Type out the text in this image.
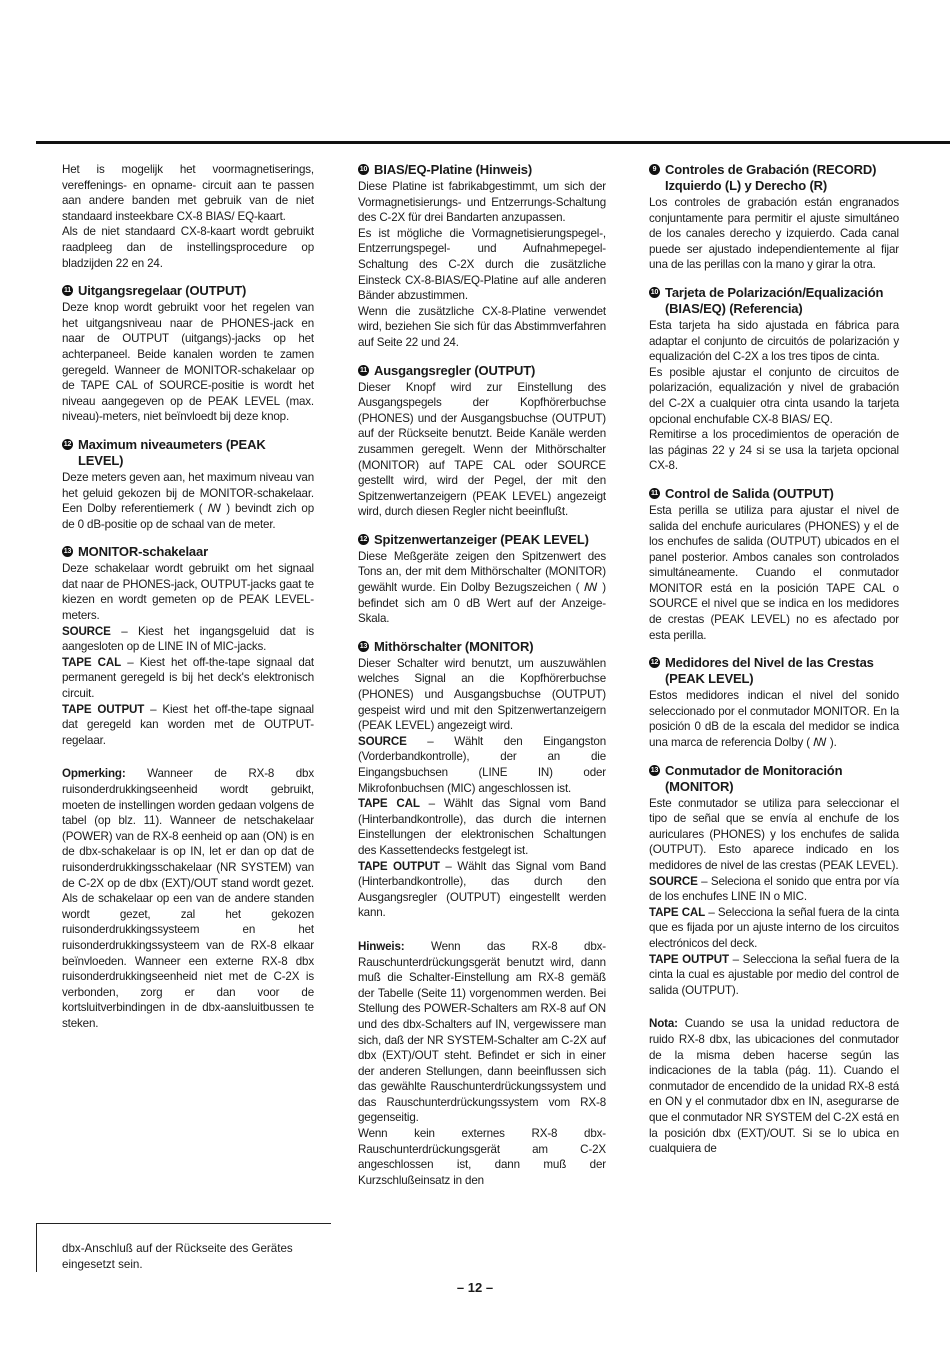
Het is mogelijk het voormagnetiserings, vereffenings- en opname- circuit aan te passen aan andere banden met gebruik van de niet standaard insteekbare CX-8 BIAS/ EQ-kaart.

Als de niet standaard CX-8-kaart wordt gebruikt raadpleeg dan de instellingsprocedure op bladzijden 22 en 24.

11 Uitgangsregelaar (OUTPUT)

Deze knop wordt gebruikt voor het regelen van het uitgangsniveau naar de PHONES-jack en naar de OUTPUT (uitgangs)-jacks op het achterpaneel. Beide kanalen worden te zamen geregeld. Wanneer de MONITOR-schakelaar op de TAPE CAL of SOURCE-positie is wordt het niveau aangegeven op de PEAK LEVEL (max. niveau)-meters, niet beïnvloedt bij deze knop.

12 Maximum niveaumeters (PEAK LEVEL)

Deze meters geven aan, het maximum niveau van het geluid gekozen bij de MONITOR-schakelaar. Een Dolby referentiemerk ( ꟿ ) bevindt zich op de 0 dB-positie op de schaal van de meter.

13 MONITOR-schakelaar

Deze schakelaar wordt gebruikt om het signaal dat naar de PHONES-jack, OUTPUT-jacks gaat te kiezen en wordt gemeten op de PEAK LEVEL-meters.

SOURCE – Kiest het ingangsgeluid dat is aangesloten op de LINE IN of MIC-jacks.

TAPE CAL – Kiest het off-the-tape signaal dat permanent geregeld is bij het deck's elektronisch circuit.

TAPE OUTPUT – Kiest het off-the-tape signaal dat geregeld kan worden met de OUTPUT-regelaar.

Opmerking: Wanneer de RX-8 dbx ruisonderdrukkingseenheid wordt gebruikt, moeten de instellingen worden gedaan volgens de tabel (op blz. 11). Wanneer de netschakelaar (POWER) van de RX-8 eenheid op aan (ON) is en de dbx-schakelaar is op IN, let er dan op dat de ruisonderdrukkingsschakelaar (NR SYSTEM) van de C-2X op de dbx (EXT)/OUT stand wordt gezet. Als de schakelaar op een van de andere standen wordt gezet, zal het gekozen ruisonderdrukkingssysteem en het ruisonderdrukkingssysteem van de RX-8 elkaar beïnvloeden. Wanneer een externe RX-8 dbx ruisonderdrukkingseenheid niet met de C-2X is verbonden, zorg er dan voor de kortsluitverbindingen in de dbx-aansluitbussen te steken.

dbx-Anschluß auf der Rückseite des Gerätes eingesetzt sein.
10 BIAS/EQ-Platine (Hinweis)

Diese Platine ist fabrikabgestimmt, um sich der Vormagnetisierungs- und Entzerrungs-Schaltung des C-2X für drei Bandarten anzupassen.

Es ist mögliche die Vormagnetisierungspegel-, Entzerrungspegel- und Aufnahmepegel-Schaltung des C-2X durch die zusätzliche Einsteck CX-8-BIAS/EQ-Platine auf alle anderen Bänder abzustimmen.

Wenn die zusätzliche CX-8-Platine verwendet wird, beziehen Sie sich für das Abstimmverfahren auf Seite 22 und 24.

11 Ausgangsregler (OUTPUT)

Dieser Knopf wird zur Einstellung des Ausgangspegels der Kopfhörerbuchse (PHONES) und der Ausgangsbuchse (OUTPUT) auf der Rückseite benutzt. Beide Kanäle werden zusammen geregelt. Wenn der Mithörschalter (MONITOR) auf TAPE CAL oder SOURCE gestellt wird, wird der Pegel, der mit den Spitzenwertanzeigern (PEAK LEVEL) angezeigt wird, durch diesen Regler nicht beeinflußt.

12 Spitzenwertanzeiger (PEAK LEVEL)

Diese Meßgeräte zeigen den Spitzenwert des Tons an, der mit dem Mithörschalter (MONITOR) gewählt wurde. Ein Dolby Bezugszeichen ( ꟿ ) befindet sich am 0 dB Wert auf der Anzeige-Skala.

13 Mithörschalter (MONITOR)

Dieser Schalter wird benutzt, um auszuwählen welches Signal an die Kopfhörerbuchse (PHONES) und Ausgangsbuchse (OUTPUT) gespeist wird und mit den Spitzenwertanzeigern (PEAK LEVEL) angezeigt wird.

SOURCE – Wählt den Eingangston (Vorderbandkontrolle), der an die Eingangsbuchsen (LINE IN) oder Mikrofonbuchsen (MIC) angeschlossen ist.

TAPE CAL – Wählt das Signal vom Band (Hinterbandkontrolle), das durch die internen Einstellungen der elektronischen Schaltungen des Kassettendecks festgelegt ist.

TAPE OUTPUT – Wählt das Signal vom Band (Hinterbandkontrolle), das durch den Ausgangsregler (OUTPUT) eingestellt werden kann.

Hinweis: Wenn das RX-8 dbx-Rauschunterdrückungsgerät benutzt wird, dann muß die Schalter-Einstellung am RX-8 gemäß der Tabelle (Seite 11) vorgenommen werden. Bei Stellung des POWER-Schalters am RX-8 auf ON und des dbx-Schalters auf IN, vergewissere man sich, daß der NR SYSTEM-Schalter am C-2X auf dbx (EXT)/OUT steht. Befindet er sich in einer der anderen Stellungen, dann beeinflussen sich das gewählte Rauschunterdrückungssystem und das Rauschunterdrückungssystem vom RX-8 gegenseitig.

Wenn kein externes RX-8 dbx-Rauschunterdrückungsgerät am C-2X angeschlossen ist, dann muß der Kurzschlußeinsatz in den

9 Controles de Grabación (RECORD) Izquierdo (L) y Derecho (R)

Los controles de grabación están engranados conjuntamente para permitir el ajuste simultáneo de los canales derecho y izquierdo. Cada canal puede ser ajustado independientemente al fijar una de las perillas con la mano y girar la otra.

10 Tarjeta de Polarización/Equalización (BIAS/EQ) (Referencia)

Esta tarjeta ha sido ajustada en fábrica para adaptar el conjunto de circuitós de polarización y equalización del C-2X a los tres tipos de cinta.

Es posible ajustar el conjunto de circuitos de polarización, equalización y nivel de grabación del C-2X a cualquier otra cinta usando la tarjeta opcional enchufable CX-8 BIAS/ EQ.

Remitirse a los procedimientos de operación de las páginas 22 y 24 si se usa la tarjeta opcional CX-8.

11 Control de Salida (OUTPUT)

Esta perilla se utiliza para ajustar el nivel de salida del enchufe auriculares (PHONES) y el de los enchufes de salida (OUTPUT) ubicados en el panel posterior. Ambos canales son controlados simultáneamente. Cuando el conmutador MONITOR está en la posición TAPE CAL o SOURCE el nivel que se indica en los medidores de crestas (PEAK LEVEL) no es afectado por esta perilla.

12 Medidores del Nivel de las Crestas (PEAK LEVEL)

Estos medidores indican el nivel del sonido seleccionado por el conmutador MONITOR. En la posición 0 dB de la escala del medidor se indica una marca de referencia Dolby ( ꟿ ).

13 Conmutador de Monitoración (MONITOR)

Este conmutador se utiliza para seleccionar el tipo de señal que se envía al enchufe de los auriculares (PHONES) y los enchufes de salida (OUTPUT). Esto aparece indicado en los medidores de nivel de las crestas (PEAK LEVEL).

SOURCE – Seleciona el sonido que entra por vía de los enchufes LINE IN o MIC.

TAPE CAL – Selecciona la señal fuera de la cinta que es fijada por un ajuste interno de los circuitos electrónicos del deck.

TAPE OUTPUT – Selecciona la señal fuera de la cinta la cual es ajustable por medio del control de salida (OUTPUT).

Nota: Cuando se usa la unidad reductora de ruido RX-8 dbx, las ubicaciones del conmutador de la misma deben hacerse según las indicaciones de la tabla (pág. 11). Cuando el conmutador de encendido de la unidad RX-8 está en ON y el conmutador dbx en IN, asegurarse de que el conmutador NR SYSTEM del C-2X está en la posición dbx (EXT)/OUT. Si se lo ubica en cualquiera de

– 12 –
